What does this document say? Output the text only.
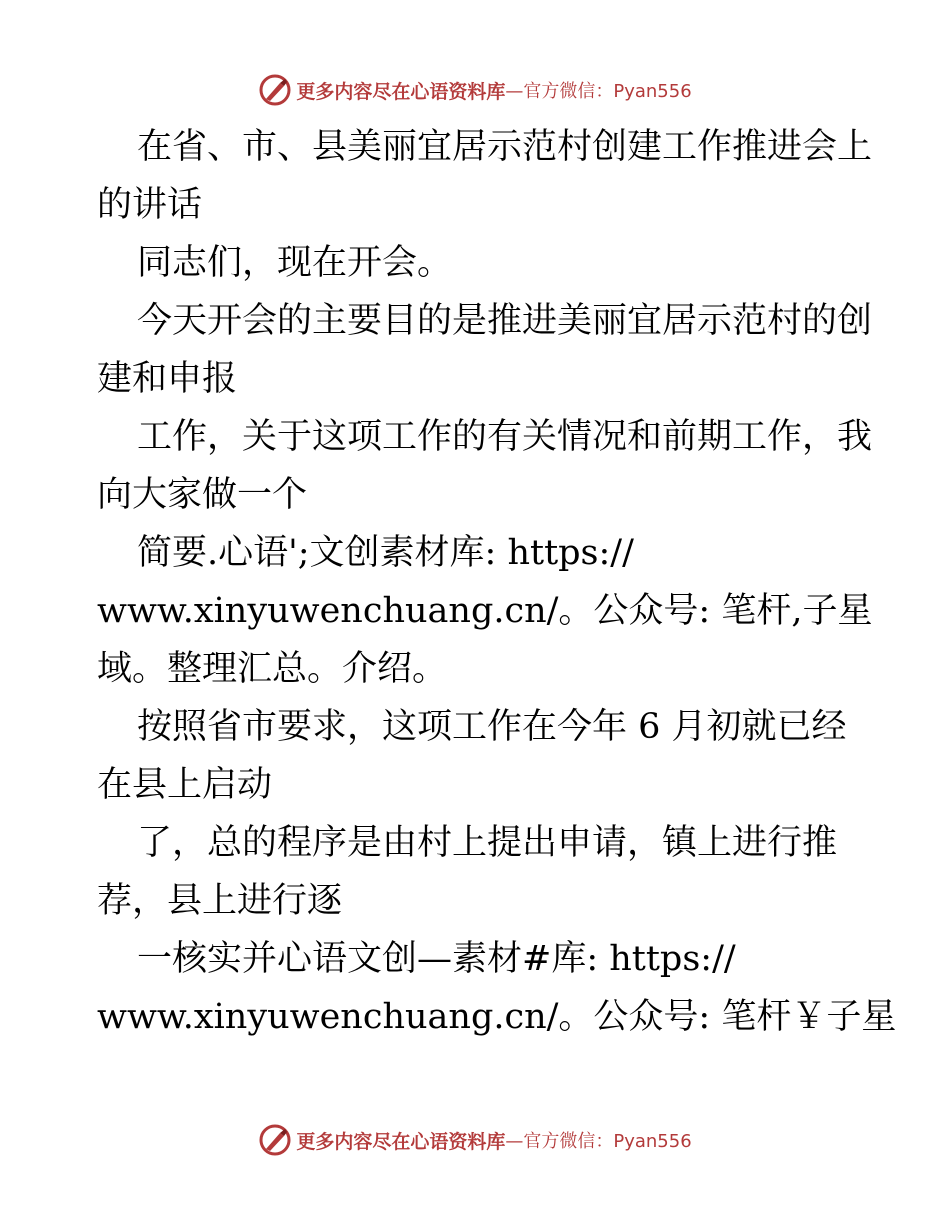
更多内容尽在心语资料库 —官方微信：Pyan556

在省、市、县美丽宜居示范村创建工作推进会上

的讲话

同志们，现在开会。

今天开会的主要目的是推进美丽宜居示范村的创

建和申报

工作，关于这项工作的有关情况和前期工作，我

向大家做一个

简要.心语';文创素材库: https://

www.xinyuwenchuang.cn/。公众号: 笔杆,子星

域。整理汇总。介绍。

按照省市要求，这项工作在今年 6 月初就已经

在县上启动

了，总的程序是由村上提出申请，镇上进行推

荐，县上进行逐

一核实并心语文创—素材#库: https://

www.xinyuwenchuang.cn/。公众号: 笔杆￥子星

更多内容尽在心语资料库 —官方微信：Pyan556
